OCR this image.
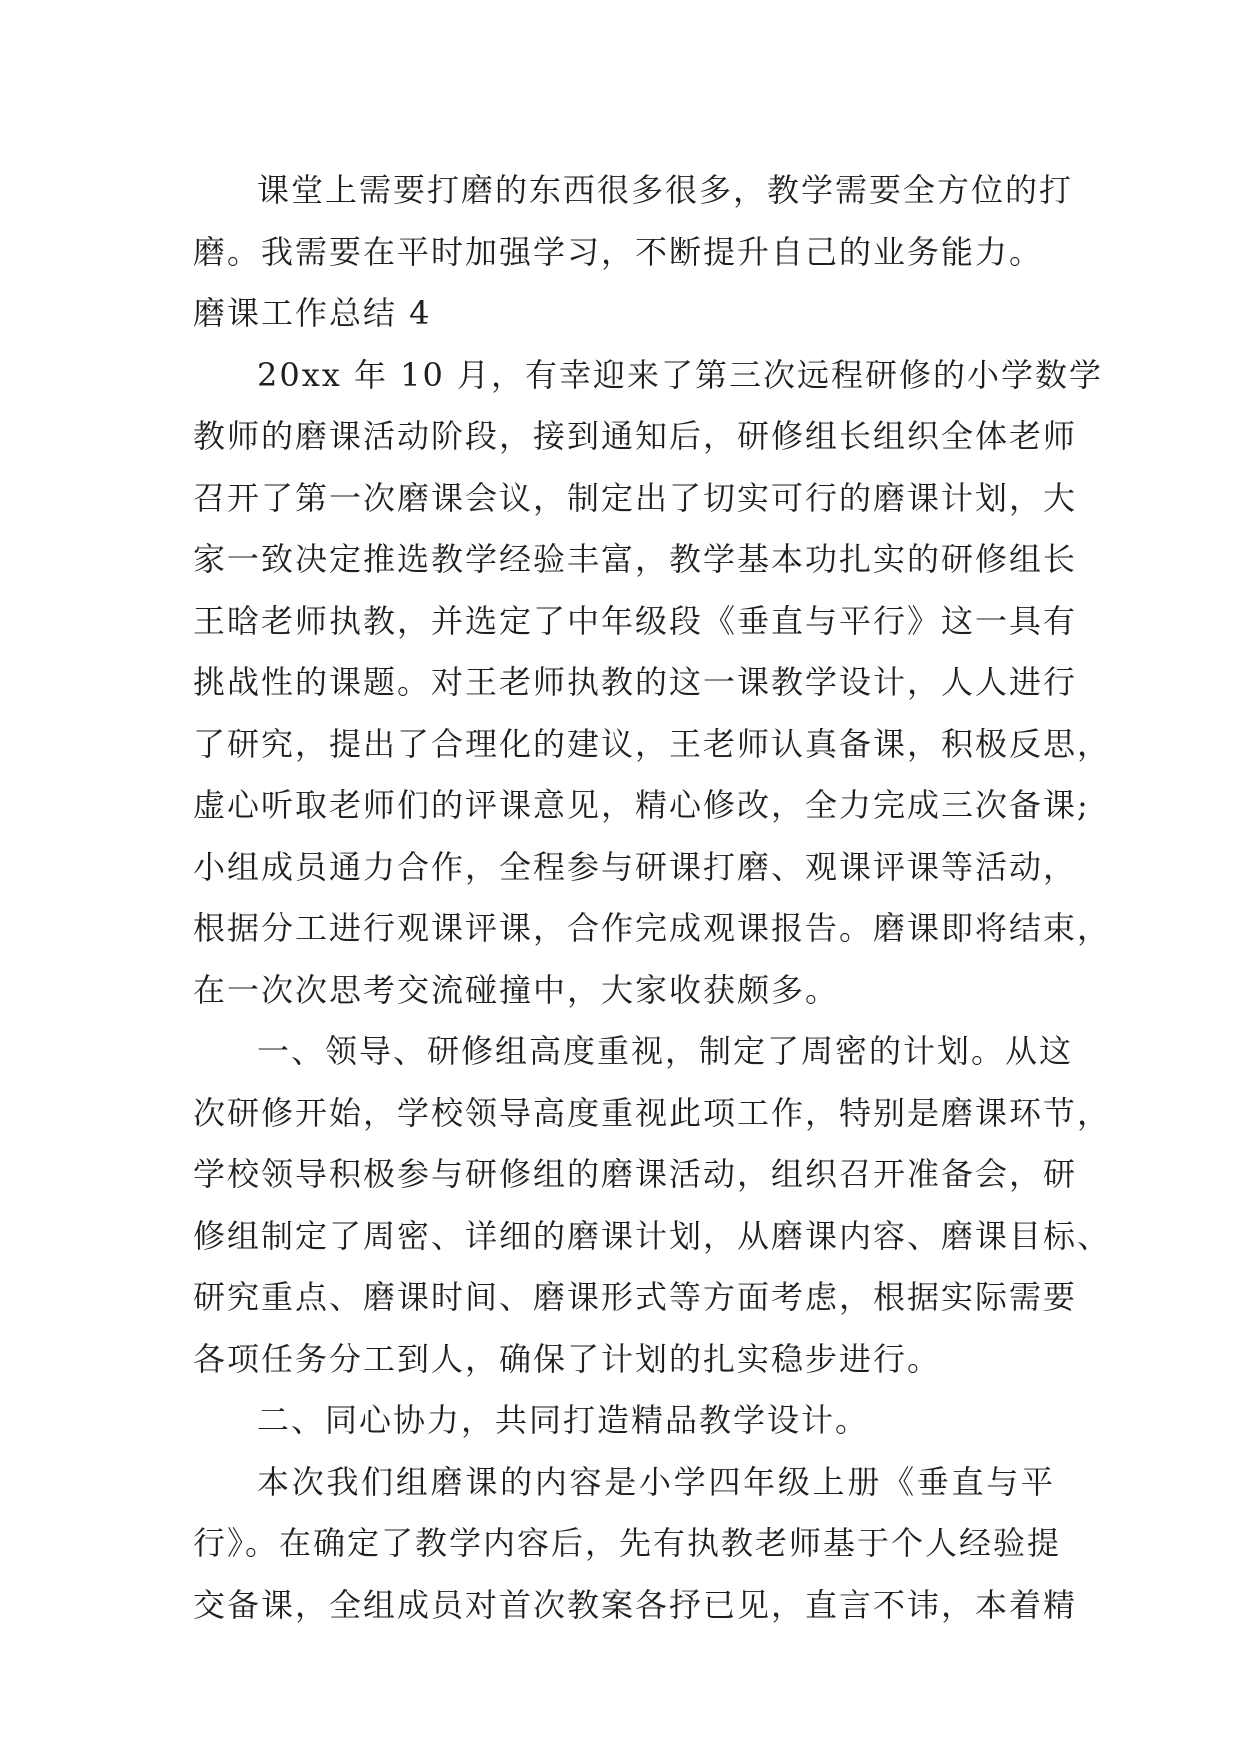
课堂上需要打磨的东西很多很多，教学需要全方位的打
磨。我需要在平时加强学习，不断提升自己的业务能力。
磨课工作总结 4
20xx 年 10 月，有幸迎来了第三次远程研修的小学数学
教师的磨课活动阶段，接到通知后，研修组长组织全体老师
召开了第一次磨课会议，制定出了切实可行的磨课计划，大
家一致决定推选教学经验丰富，教学基本功扎实的研修组长
王晗老师执教，并选定了中年级段《垂直与平行》这一具有
挑战性的课题。对王老师执教的这一课教学设计，人人进行
了研究，提出了合理化的建议，王老师认真备课，积极反思，
虚心听取老师们的评课意见，精心修改，全力完成三次备课;
小组成员通力合作，全程参与研课打磨、观课评课等活动，
根据分工进行观课评课，合作完成观课报告。磨课即将结束，
在一次次思考交流碰撞中，大家收获颇多。
一、领导、研修组高度重视，制定了周密的计划。从这
次研修开始，学校领导高度重视此项工作，特别是磨课环节，
学校领导积极参与研修组的磨课活动，组织召开准备会，研
修组制定了周密、详细的磨课计划，从磨课内容、磨课目标、
研究重点、磨课时间、磨课形式等方面考虑，根据实际需要
各项任务分工到人，确保了计划的扎实稳步进行。
二、同心协力，共同打造精品教学设计。
本次我们组磨课的内容是小学四年级上册《垂直与平
行》。在确定了教学内容后，先有执教老师基于个人经验提
交备课，全组成员对首次教案各抒已见，直言不讳，本着精
